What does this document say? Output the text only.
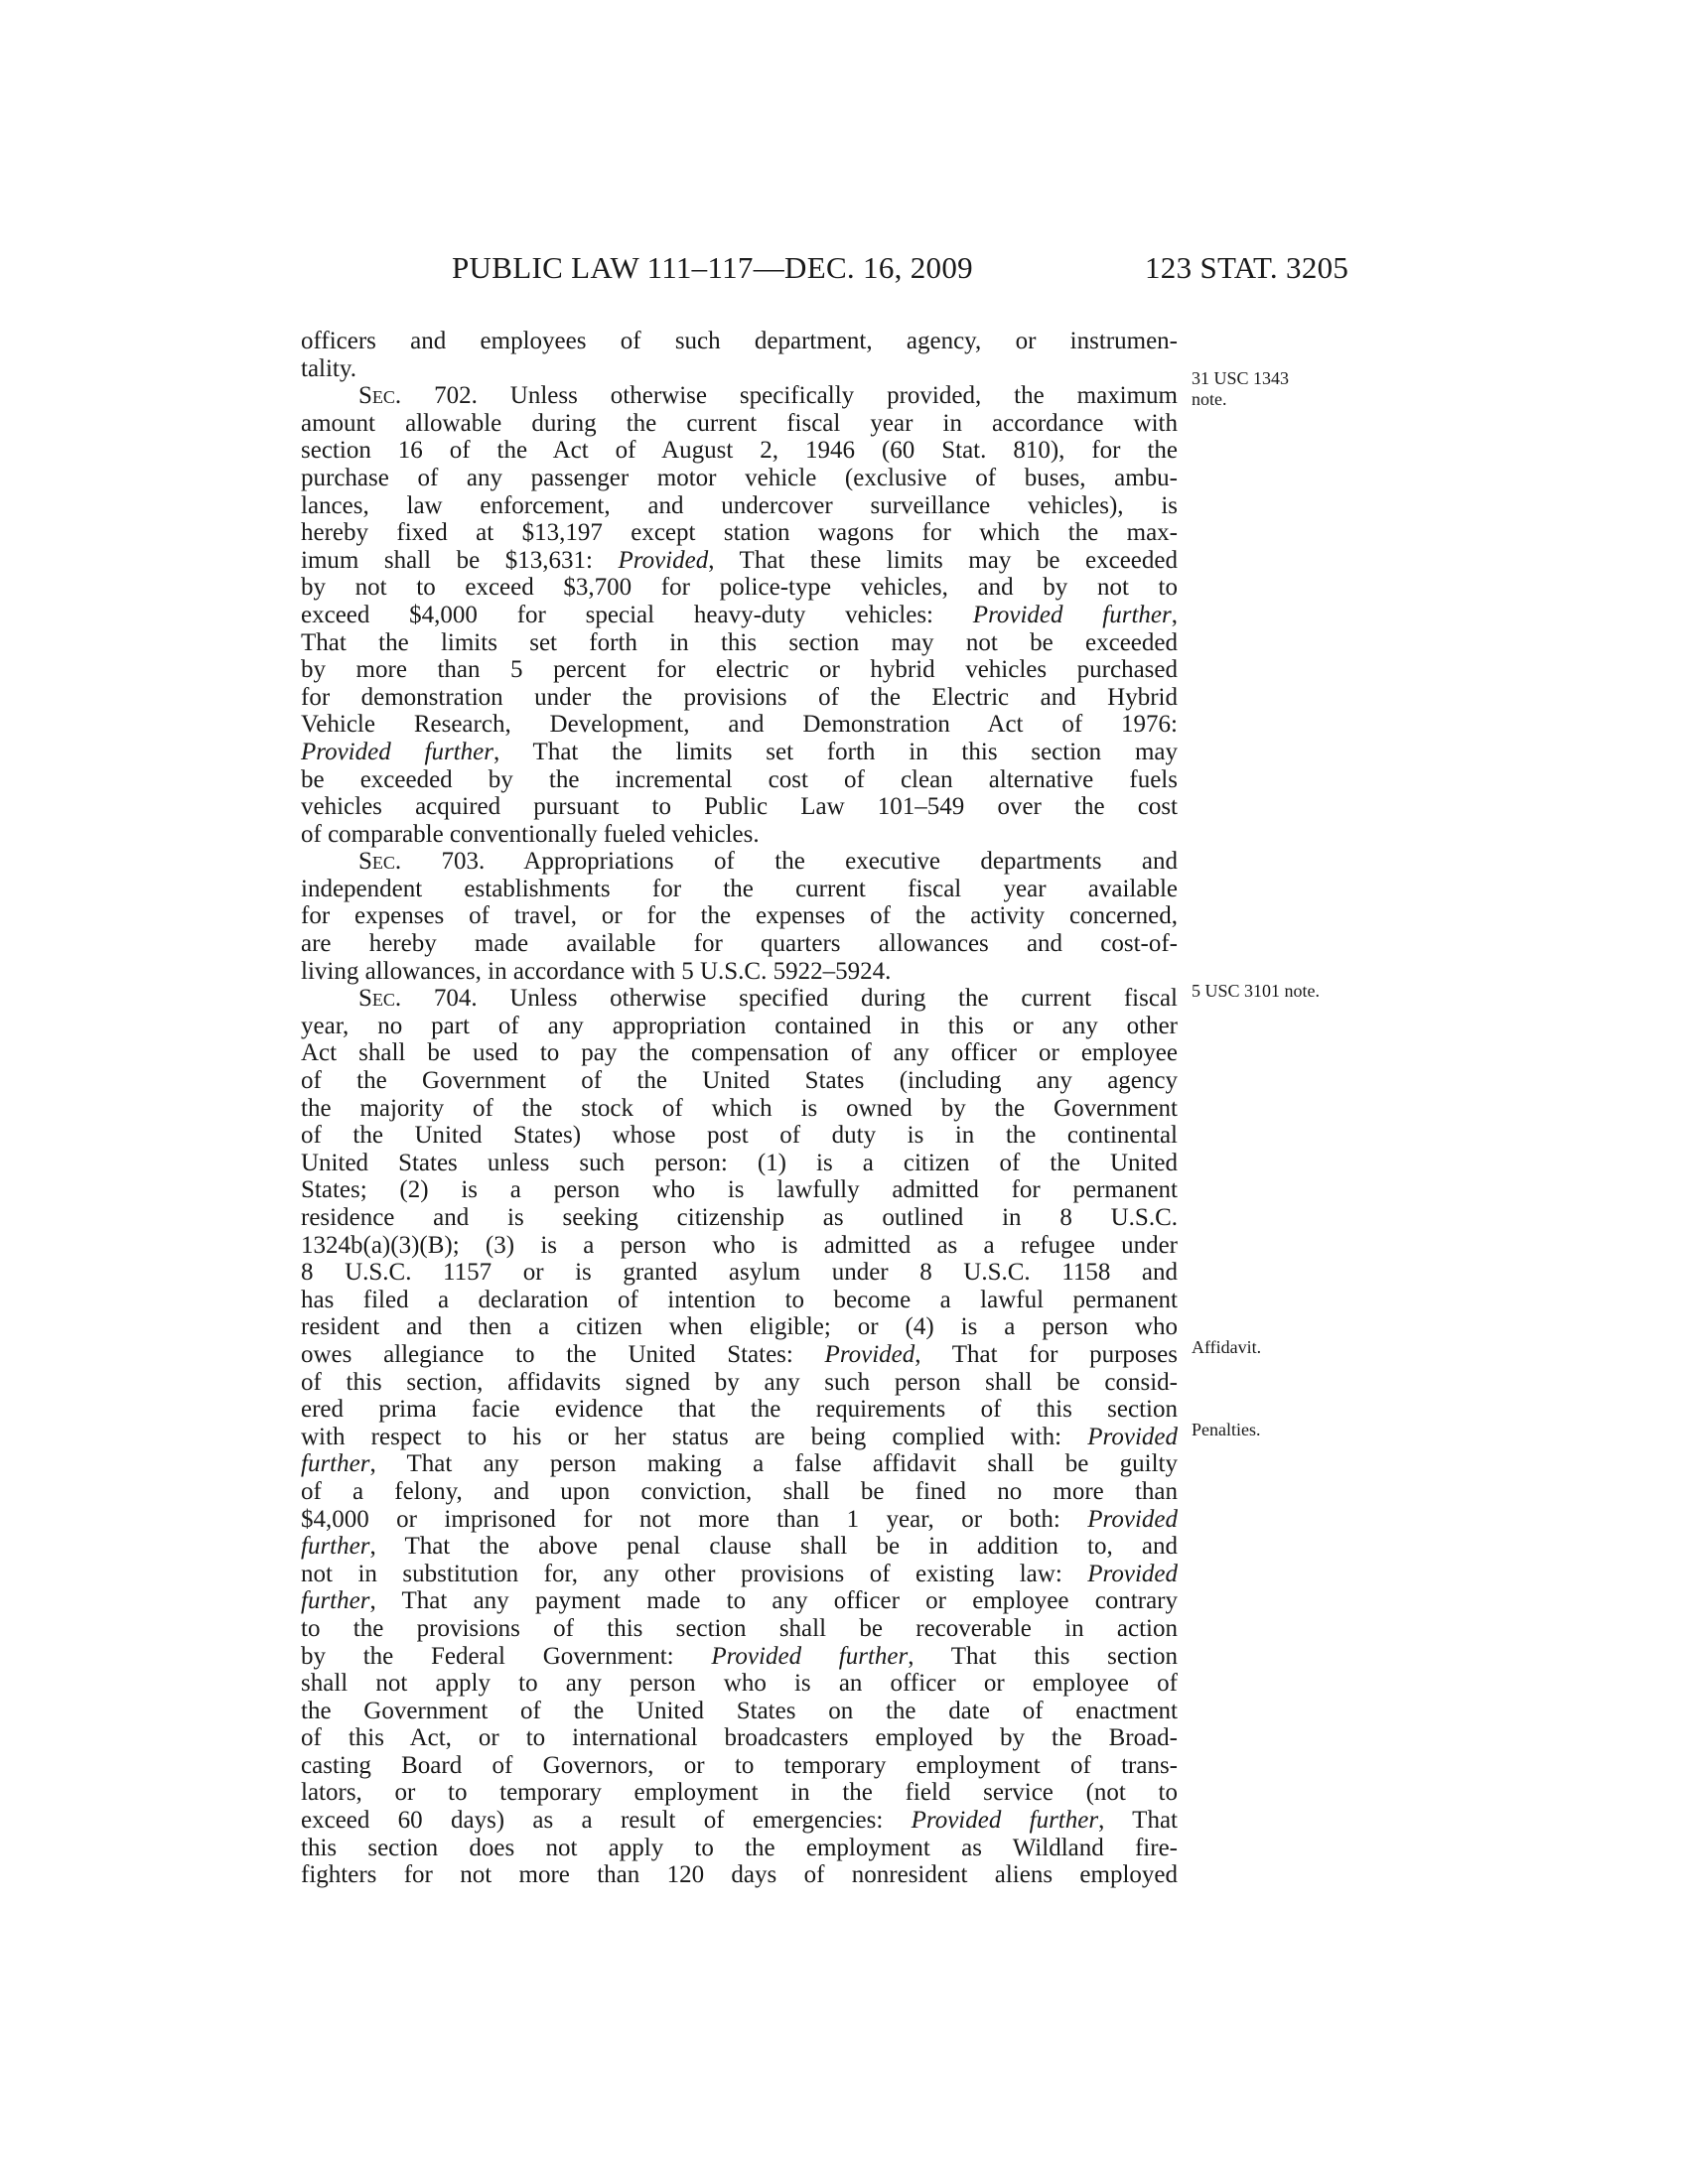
PUBLIC LAW 111–117—DEC. 16, 2009	123 STAT. 3205
31 USC 1343
note.
5 USC 3101 note.
Affidavit.
Penalties.
officers and employees of such department, agency, or instrumen-
tality.
Sec. 702. Unless otherwise specifically provided, the maximum
amount allowable during the current fiscal year in accordance with
section 16 of the Act of August 2, 1946 (60 Stat. 810), for the
purchase of any passenger motor vehicle (exclusive of buses, ambu-
lances, law enforcement, and undercover surveillance vehicles), is
hereby fixed at $13,197 except station wagons for which the max-
imum shall be $13,631: Provided, That these limits may be exceeded
by not to exceed $3,700 for police-type vehicles, and by not to
exceed $4,000 for special heavy-duty vehicles: Provided further,
That the limits set forth in this section may not be exceeded
by more than 5 percent for electric or hybrid vehicles purchased
for demonstration under the provisions of the Electric and Hybrid
Vehicle Research, Development, and Demonstration Act of 1976:
Provided further, That the limits set forth in this section may
be exceeded by the incremental cost of clean alternative fuels
vehicles acquired pursuant to Public Law 101–549 over the cost
of comparable conventionally fueled vehicles.
Sec. 703. Appropriations of the executive departments and
independent establishments for the current fiscal year available
for expenses of travel, or for the expenses of the activity concerned,
are hereby made available for quarters allowances and cost-of-
living allowances, in accordance with 5 U.S.C. 5922–5924.
Sec. 704. Unless otherwise specified during the current fiscal
year, no part of any appropriation contained in this or any other
Act shall be used to pay the compensation of any officer or employee
of the Government of the United States (including any agency
the majority of the stock of which is owned by the Government
of the United States) whose post of duty is in the continental
United States unless such person: (1) is a citizen of the United
States; (2) is a person who is lawfully admitted for permanent
residence and is seeking citizenship as outlined in 8 U.S.C.
1324b(a)(3)(B); (3) is a person who is admitted as a refugee under
8 U.S.C. 1157 or is granted asylum under 8 U.S.C. 1158 and
has filed a declaration of intention to become a lawful permanent
resident and then a citizen when eligible; or (4) is a person who
owes allegiance to the United States: Provided, That for purposes
of this section, affidavits signed by any such person shall be consid-
ered prima facie evidence that the requirements of this section
with respect to his or her status are being complied with: Provided
further, That any person making a false affidavit shall be guilty
of a felony, and upon conviction, shall be fined no more than
$4,000 or imprisoned for not more than 1 year, or both: Provided
further, That the above penal clause shall be in addition to, and
not in substitution for, any other provisions of existing law: Provided
further, That any payment made to any officer or employee contrary
to the provisions of this section shall be recoverable in action
by the Federal Government: Provided further, That this section
shall not apply to any person who is an officer or employee of
the Government of the United States on the date of enactment
of this Act, or to international broadcasters employed by the Broad-
casting Board of Governors, or to temporary employment of trans-
lators, or to temporary employment in the field service (not to
exceed 60 days) as a result of emergencies: Provided further, That
this section does not apply to the employment as Wildland fire-
fighters for not more than 120 days of nonresident aliens employed
